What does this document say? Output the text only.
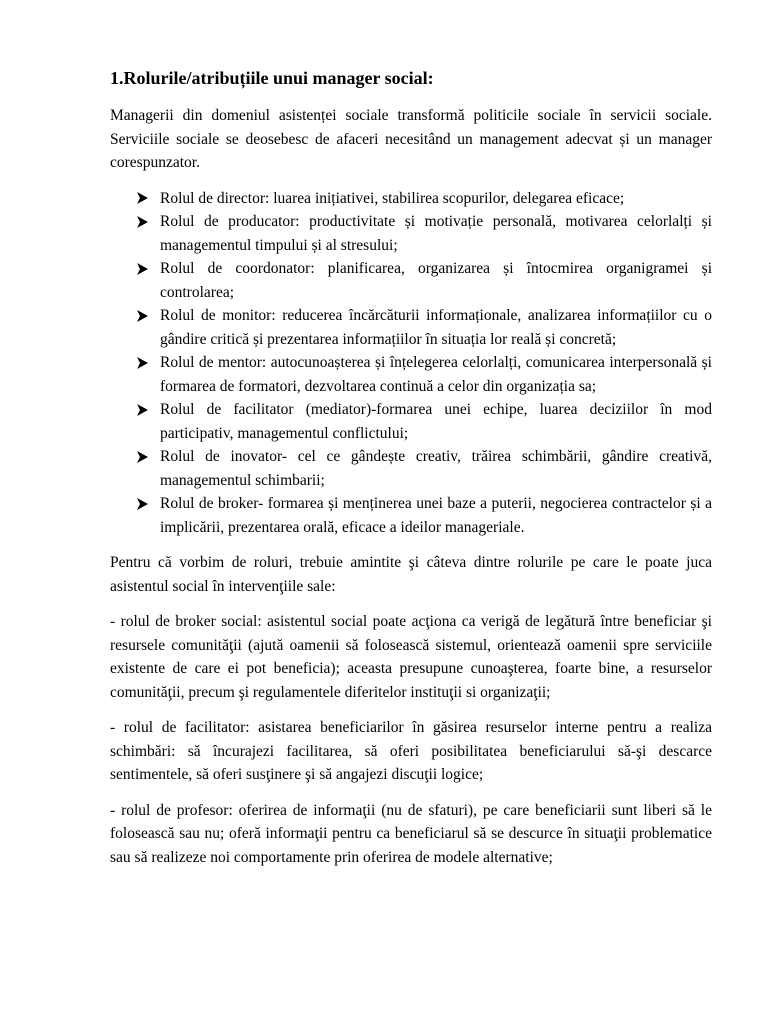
1.Rolurile/atribuțiile unui manager social:

Managerii din domeniul asistenței sociale transformă politicile sociale în servicii sociale. Serviciile sociale se deosebesc de afaceri necesitând un management adecvat și un manager corespunzator.

Rolul de director: luarea inițiativei, stabilirea scopurilor, delegarea eficace;
Rolul de producator: productivitate și motivație personală, motivarea celorlalți și managementul timpului și al stresului;
Rolul de coordonator: planificarea, organizarea și întocmirea organigramei și controlarea;
Rolul de monitor: reducerea încărcăturii informaționale, analizarea informațiilor cu o gândire critică și prezentarea informațiilor în situația lor reală și concretă;
Rolul de mentor: autocunoașterea și înțelegerea celorlalți, comunicarea interpersonală și formarea de formatori, dezvoltarea continuă a celor din organizația sa;
Rolul de facilitator (mediator)-formarea unei echipe, luarea deciziilor în mod participativ, managementul conflictului;
Rolul de inovator- cel ce gândește creativ, trăirea schimbării, gândire creativă, managementul schimbarii;
Rolul de broker- formarea și menținerea unei baze a puterii, negocierea contractelor și a implicării, prezentarea orală, eficace a ideilor manageriale.

Pentru că vorbim de roluri, trebuie amintite şi câteva dintre rolurile pe care le poate juca asistentul social în intervenţiile sale:

- rolul de broker social: asistentul social poate acţiona ca verigă de legătură între beneficiar şi resursele comunităţii (ajută oamenii să folosească sistemul, orientează oamenii spre serviciile existente de care ei pot beneficia); aceasta presupune cunoaşterea, foarte bine, a resurselor comunităţii, precum şi regulamentele diferitelor instituţii si organizaţii;

- rolul de facilitator: asistarea beneficiarilor în găsirea resurselor interne pentru a realiza schimbări: să încurajezi facilitarea, să oferi posibilitatea beneficiarului să-şi descarce sentimentele, să oferi susţinere şi să angajezi discuţii logice;

- rolul de profesor: oferirea de informaţii (nu de sfaturi), pe care beneficiarii sunt liberi să le folosească sau nu; oferă informaţii pentru ca beneficiarul să se descurce în situaţii problematice sau să realizeze noi comportamente prin oferirea de modele alternative;
